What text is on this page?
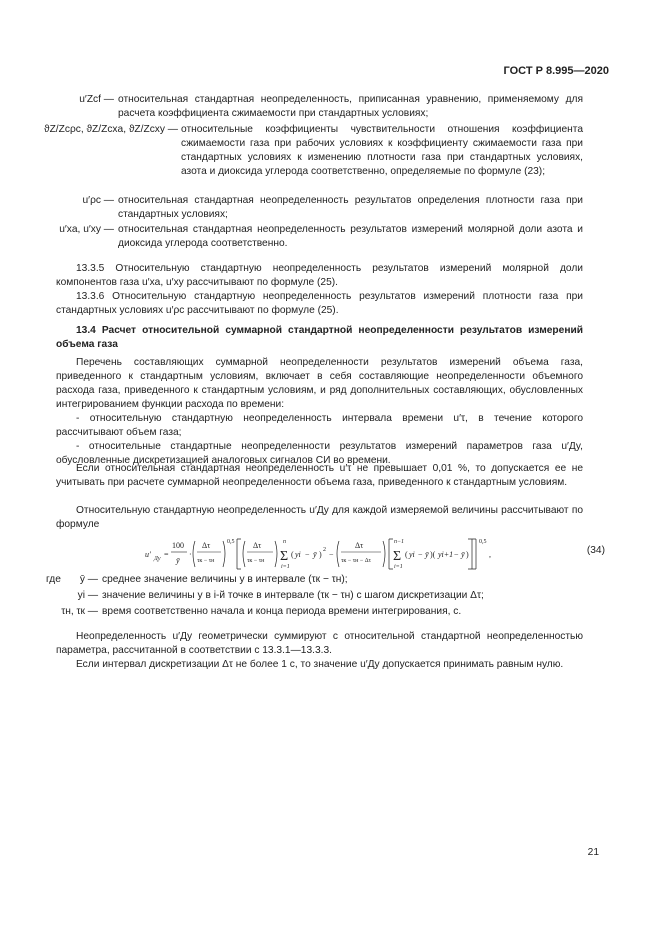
ГОСТ Р 8.995—2020
u′Zcf — относительная стандартная неопределенность, приписанная уравнению, применяемому для расчета коэффициента сжимаемости при стандартных условиях;
ϑZ/Zcρc, ϑZ/Zcxa, ϑZ/Zcxy — относительные коэффициенты чувствительности отношения коэффициента сжимаемости газа при рабочих условиях к коэффициенту сжимаемости газа при стандартных условиях к изменению плотности газа при стандартных условиях, азота и диоксида углерода соответственно, определяемые по формуле (23);
u′ρc — относительная стандартная неопределенность результатов определения плотности газа при стандартных условиях;
u′xa, u′xy — относительная стандартная неопределенность результатов измерений молярной доли азота и диоксида углерода соответственно.
13.3.5 Относительную стандартную неопределенность результатов измерений молярной доли компонентов газа u′xa, u′xy рассчитывают по формуле (25).
13.3.6 Относительную стандартную неопределенность результатов измерений плотности газа при стандартных условиях u′ρc рассчитывают по формуле (25).
13.4 Расчет относительной суммарной стандартной неопределенности результатов измерений объема газа
Перечень составляющих суммарной неопределенности результатов измерений объема газа, приведенного к стандартным условиям, включает в себя составляющие неопределенности объемного расхода газа, приведенного к стандартным условиям, и ряд дополнительных составляющих, обусловленных интегрированием функции расхода по времени:
- относительную стандартную неопределенность интервала времени u′τ, в течение которого рассчитывают объем газа;
- относительные стандартные неопределенности результатов измерений параметров газа u′Дy, обусловленные дискретизацией аналоговых сигналов СИ во времени.
Если относительная стандартная неопределенность u′τ не превышает 0,01 %, то допускается ее не учитывать при расчете суммарной неопределенности объема газа, приведенного к стандартным условиям.
Относительную стандартную неопределенность u′Дy для каждой измеряемой величины рассчитывают по формуле
u′ Дy =
100
ȳ
·
Δτ
τк − τн
0,5 Δτ
τк − τн Σ
n
i=1
( yi − ȳ ) 2 −
Δτ
τк − τн − Δτ Σ
n−1
i=1
( yi − ȳ )( yi+1 − ȳ )
0,5
,	(34)
где	ȳ — среднее значение величины y в интервале (τк − τн);
yi — значение величины y в i-й точке в интервале (τк − τн) с шагом дискретизации Δτ;
τн, τк — время соответственно начала и конца периода времени интегрирования, с.
Неопределенность u′Дy геометрически суммируют с относительной стандартной неопределенностью параметра, рассчитанной в соответствии с 13.3.1—13.3.3.
Если интервал дискретизации Δτ не более 1 с, то значение u′Дy допускается принимать равным нулю.
21
